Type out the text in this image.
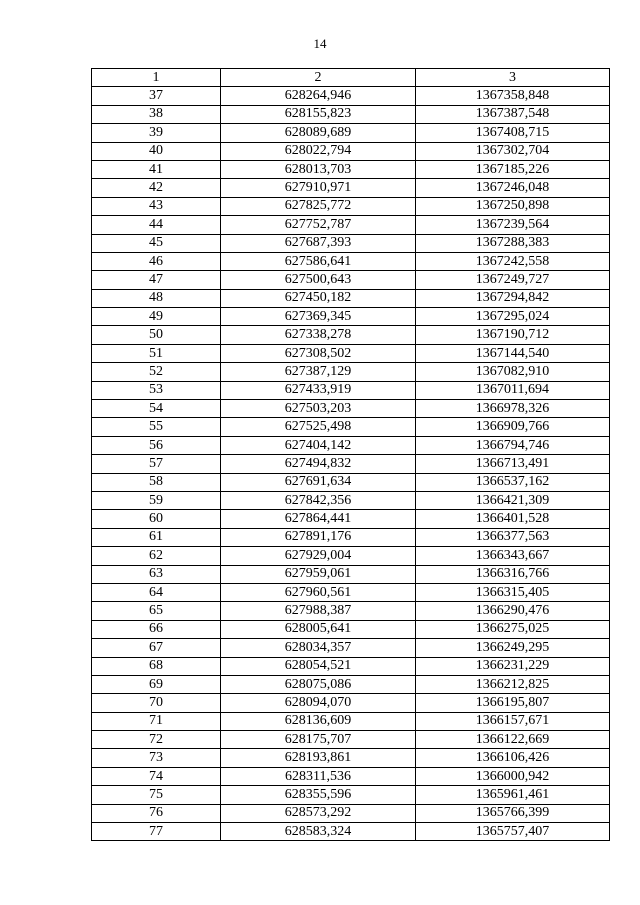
14
1	2	3
37	628264,946	1367358,848
38	628155,823	1367387,548
39	628089,689	1367408,715
40	628022,794	1367302,704
41	628013,703	1367185,226
42	627910,971	1367246,048
43	627825,772	1367250,898
44	627752,787	1367239,564
45	627687,393	1367288,383
46	627586,641	1367242,558
47	627500,643	1367249,727
48	627450,182	1367294,842
49	627369,345	1367295,024
50	627338,278	1367190,712
51	627308,502	1367144,540
52	627387,129	1367082,910
53	627433,919	1367011,694
54	627503,203	1366978,326
55	627525,498	1366909,766
56	627404,142	1366794,746
57	627494,832	1366713,491
58	627691,634	1366537,162
59	627842,356	1366421,309
60	627864,441	1366401,528
61	627891,176	1366377,563
62	627929,004	1366343,667
63	627959,061	1366316,766
64	627960,561	1366315,405
65	627988,387	1366290,476
66	628005,641	1366275,025
67	628034,357	1366249,295
68	628054,521	1366231,229
69	628075,086	1366212,825
70	628094,070	1366195,807
71	628136,609	1366157,671
72	628175,707	1366122,669
73	628193,861	1366106,426
74	628311,536	1366000,942
75	628355,596	1365961,461
76	628573,292	1365766,399
77	628583,324	1365757,407
